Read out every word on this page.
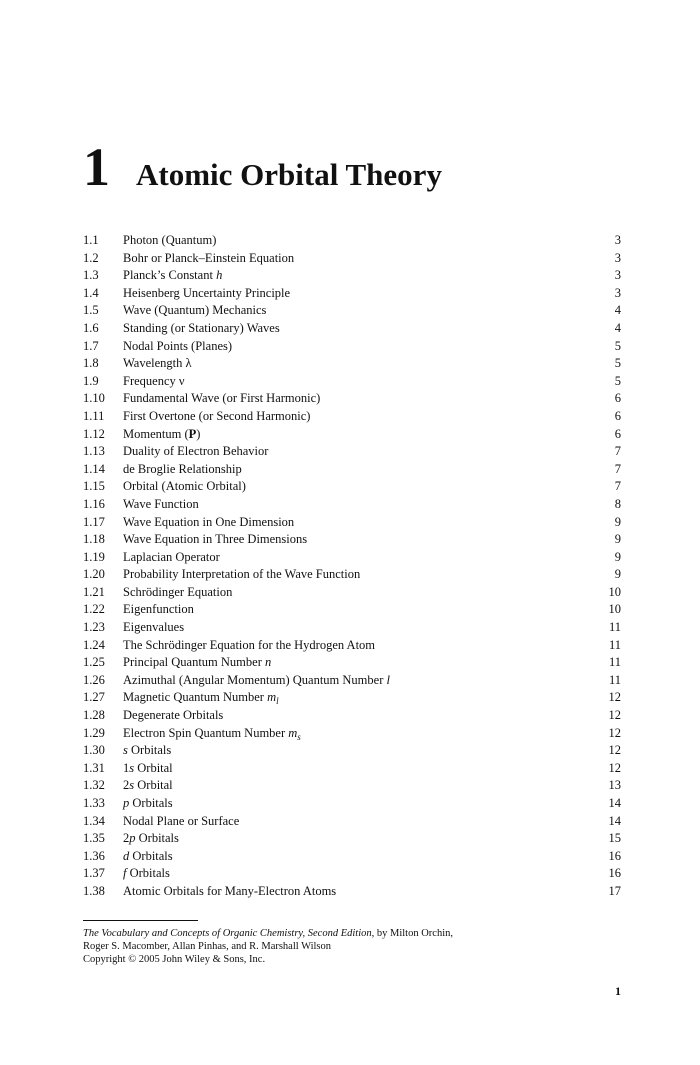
1 Atomic Orbital Theory
1.1	Photon (Quantum)	3
1.2	Bohr or Planck–Einstein Equation	3
1.3	Planck’s Constant h	3
1.4	Heisenberg Uncertainty Principle	3
1.5	Wave (Quantum) Mechanics	4
1.6	Standing (or Stationary) Waves	4
1.7	Nodal Points (Planes)	5
1.8	Wavelength λ	5
1.9	Frequency ν	5
1.10	Fundamental Wave (or First Harmonic)	6
1.11	First Overtone (or Second Harmonic)	6
1.12	Momentum (P)	6
1.13	Duality of Electron Behavior	7
1.14	de Broglie Relationship	7
1.15	Orbital (Atomic Orbital)	7
1.16	Wave Function	8
1.17	Wave Equation in One Dimension	9
1.18	Wave Equation in Three Dimensions	9
1.19	Laplacian Operator	9
1.20	Probability Interpretation of the Wave Function	9
1.21	Schrödinger Equation	10
1.22	Eigenfunction	10
1.23	Eigenvalues	11
1.24	The Schrödinger Equation for the Hydrogen Atom	11
1.25	Principal Quantum Number n	11
1.26	Azimuthal (Angular Momentum) Quantum Number l	11
1.27	Magnetic Quantum Number $m_l$	12
1.28	Degenerate Orbitals	12
1.29	Electron Spin Quantum Number $m_s$	12
1.30	s Orbitals	12
1.31	1s Orbital	12
1.32	2s Orbital	13
1.33	p Orbitals	14
1.34	Nodal Plane or Surface	14
1.35	2p Orbitals	15
1.36	d Orbitals	16
1.37	f Orbitals	16
1.38	Atomic Orbitals for Many-Electron Atoms	17
The Vocabulary and Concepts of Organic Chemistry, Second Edition, by Milton Orchin,
Roger S. Macomber, Allan Pinhas, and R. Marshall Wilson
Copyright © 2005 John Wiley & Sons, Inc.
1
